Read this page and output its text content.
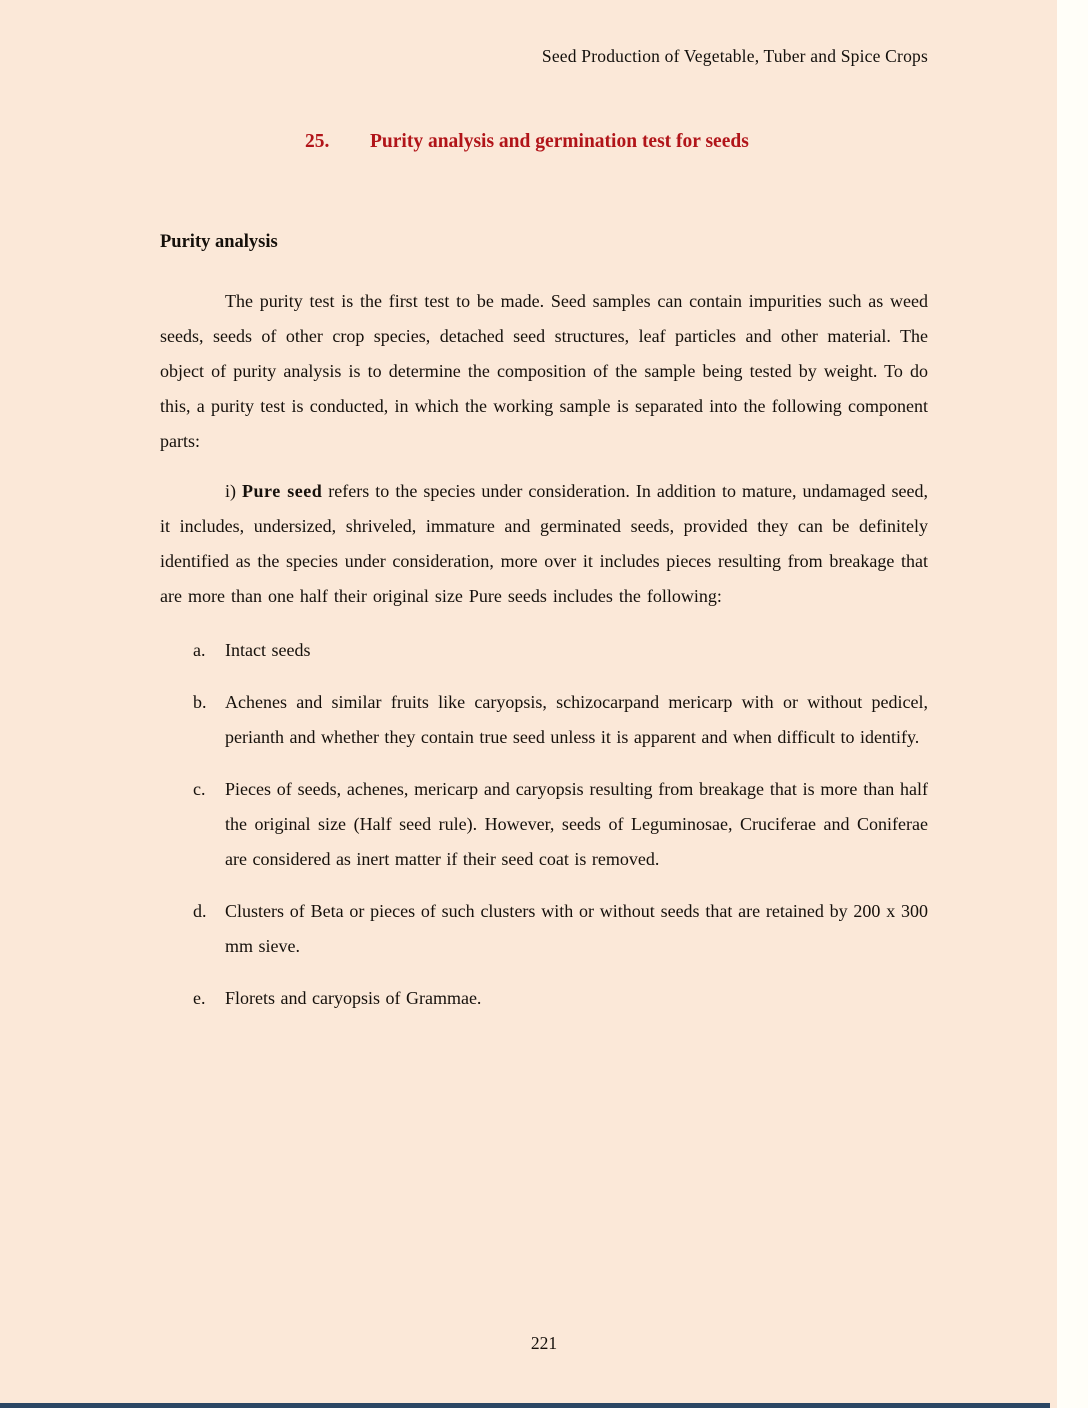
Seed Production of Vegetable, Tuber and Spice Crops
25.	Purity analysis and germination test for seeds
Purity analysis

The purity test is the first test to be made. Seed samples can contain impurities such as weed seeds, seeds of other crop species, detached seed structures, leaf particles and other material. The object of purity analysis is to determine the composition of the sample being tested by weight. To do this, a purity test is conducted, in which the working sample is separated into the following component parts:

i) Pure seed refers to the species under consideration. In addition to mature, undamaged seed, it includes, undersized, shriveled, immature and germinated seeds, provided they can be definitely identified as the species under consideration, more over it includes pieces resulting from breakage that are more than one half their original size Pure seeds includes the following:

a.	Intact seeds
b.	Achenes and similar fruits like caryopsis, schizocarpand mericarp with or without pedicel, perianth and whether they contain true seed unless it is apparent and when difficult to identify.
c.	Pieces of seeds, achenes, mericarp and caryopsis resulting from breakage that is more than half the original size (Half seed rule). However, seeds of Leguminosae, Cruciferae and Coniferae are considered as inert matter if their seed coat is removed.
d.	Clusters of Beta or pieces of such clusters with or without seeds that are retained by 200 x 300 mm sieve.
e.	Florets and caryopsis of Grammae.
221
